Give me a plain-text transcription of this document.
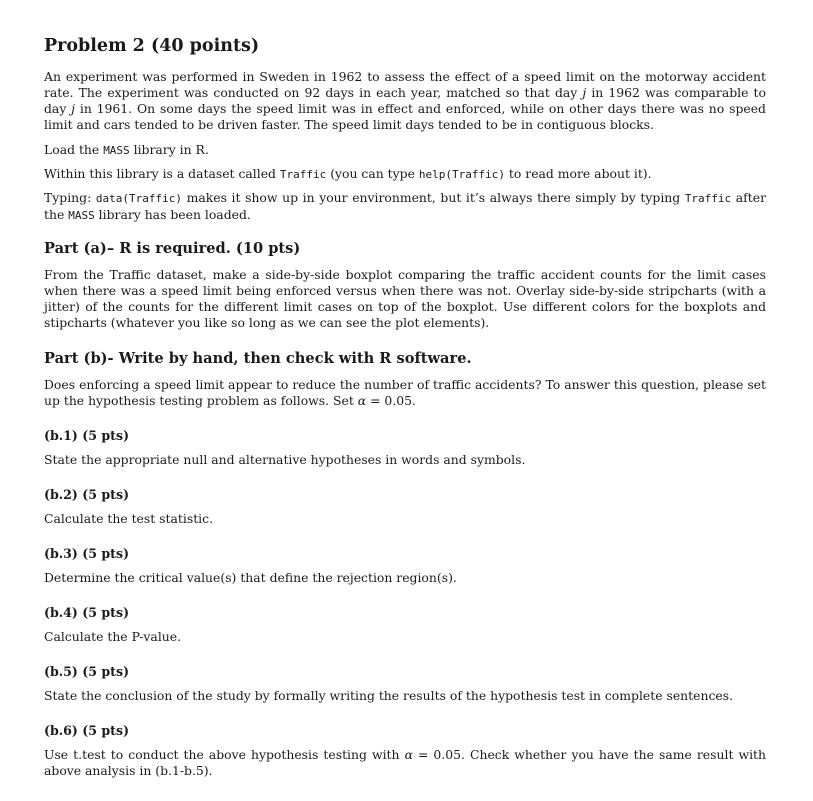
Problem 2 (40 points)
An experiment was performed in Sweden in 1962 to assess the effect of a speed limit on the motorway accident rate. The experiment was conducted on 92 days in each year, matched so that day j in 1962 was comparable to day j in 1961. On some days the speed limit was in effect and enforced, while on other days there was no speed limit and cars tended to be driven faster. The speed limit days tended to be in contiguous blocks.
Load the MASS library in R.
Within this library is a dataset called Traffic (you can type help(Traffic) to read more about it).
Typing: data(Traffic) makes it show up in your environment, but it’s always there simply by typing Traffic after the MASS library has been loaded.
Part (a)– R is required. (10 pts)
From the Traffic dataset, make a side-by-side boxplot comparing the traffic accident counts for the limit cases when there was a speed limit being enforced versus when there was not. Overlay side-by-side stripcharts (with a jitter) of the counts for the different limit cases on top of the boxplot. Use different colors for the boxplots and stipcharts (whatever you like so long as we can see the plot elements).
Part (b)- Write by hand, then check with R software.
Does enforcing a speed limit appear to reduce the number of traffic accidents? To answer this question, please set up the hypothesis testing problem as follows. Set α = 0.05.
(b.1) (5 pts)
State the appropriate null and alternative hypotheses in words and symbols.
(b.2) (5 pts)
Calculate the test statistic.
(b.3) (5 pts)
Determine the critical value(s) that define the rejection region(s).
(b.4) (5 pts)
Calculate the P-value.
(b.5) (5 pts)
State the conclusion of the study by formally writing the results of the hypothesis test in complete sentences.
(b.6) (5 pts)
Use t.test to conduct the above hypothesis testing with α = 0.05. Check whether you have the same result with above analysis in (b.1-b.5).
